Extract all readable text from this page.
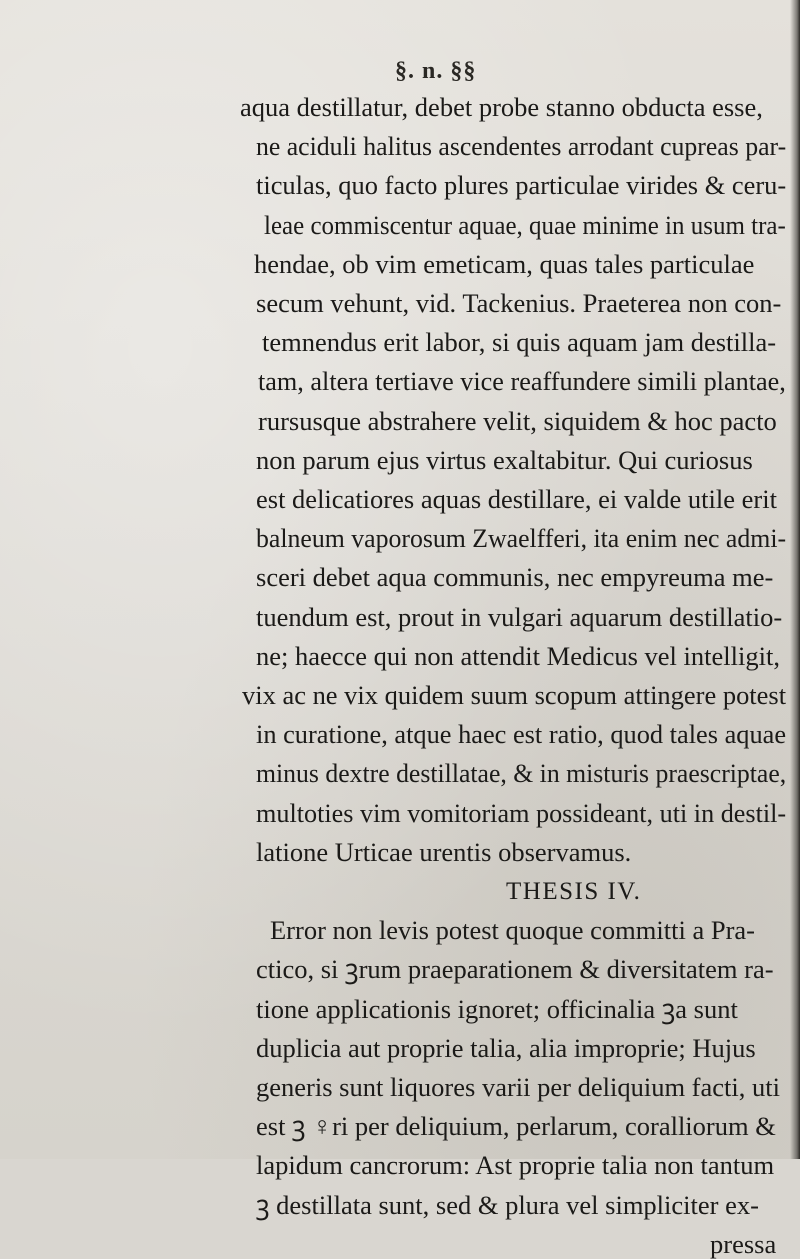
§. n. §§
aqua destillatur, debet probe stanno obducta esse,
ne aciduli halitus ascendentes arrodant cupreas par-
ticulas, quo facto plures particulae virides & ceru-
leae commiscentur aquae, quae minime in usum tra-
hendae, ob vim emeticam, quas tales particulae
secum vehunt, vid. Tackenius. Praeterea non con-
temnendus erit labor, si quis aquam jam destilla-
tam, altera tertiave vice reaffundere simili plantae,
rursusque abstrahere velit, siquidem & hoc pacto
non parum ejus virtus exaltabitur. Qui curiosus
est delicatiores aquas destillare, ei valde utile erit
balneum vaporosum Zwaelfferi, ita enim nec admi-
sceri debet aqua communis, nec empyreuma me-
tuendum est, prout in vulgari aquarum destillatio-
ne; haecce qui non attendit Medicus vel intelligit,
vix ac ne vix quidem suum scopum attingere potest
in curatione, atque haec est ratio, quod tales aquae
minus dextre destillatae, & in misturis praescriptae,
multoties vim vomitoriam possideant, uti in destil-
latione Urticae urentis observamus.
THESIS IV.
Error non levis potest quoque committi a Pra-
ctico, si ꝫrum praeparationem & diversitatem ra-
tione applicationis ignoret; officinalia ꝫa sunt
duplicia aut proprie talia, alia improprie; Hujus
generis sunt liquores varii per deliquium facti, uti
est ꝫ ♀ri per deliquium, perlarum, coralliorum &
lapidum cancrorum: Ast proprie talia non tantum
ꝫ destillata sunt, sed & plura vel simpliciter ex-
pressa
